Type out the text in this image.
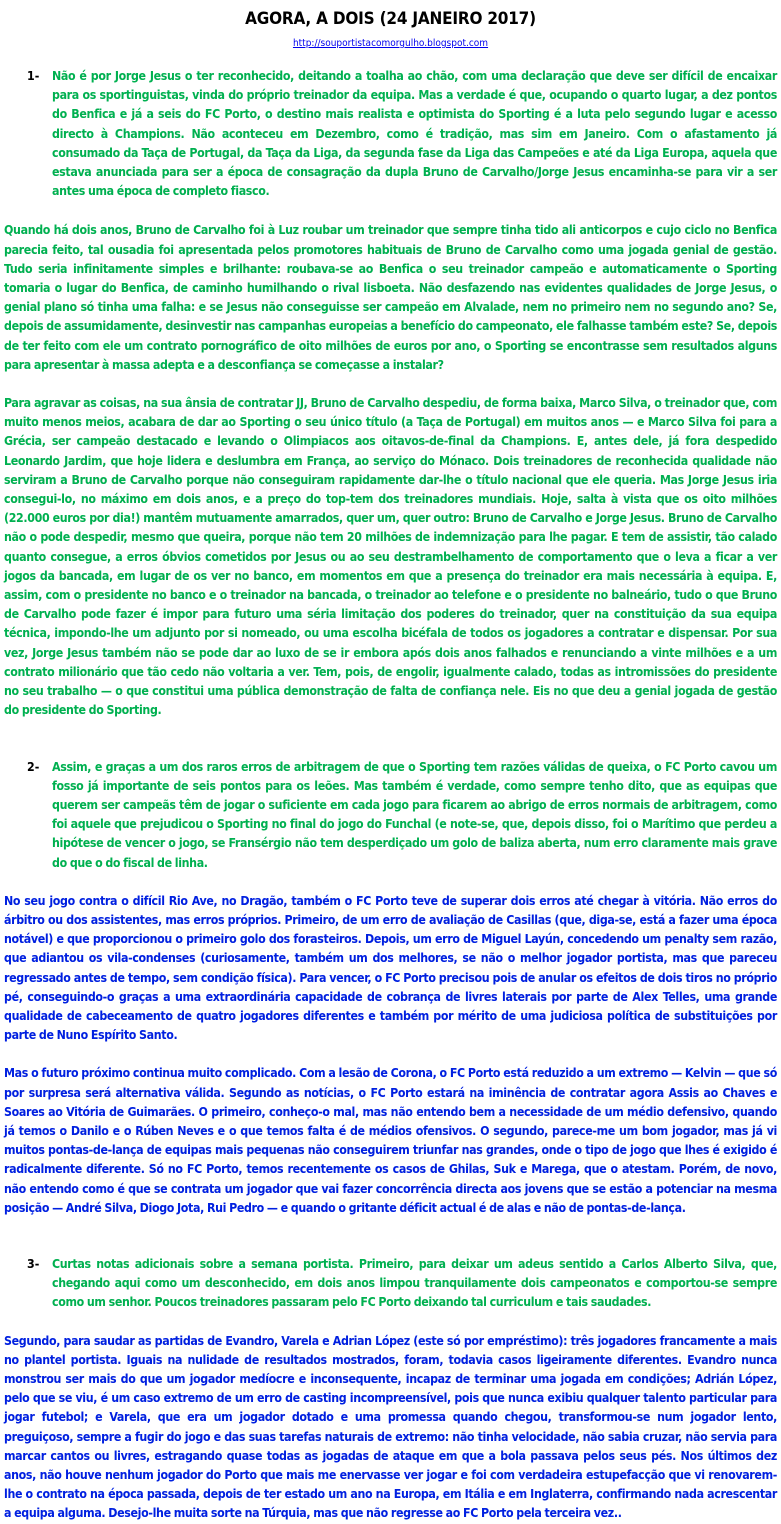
AGORA, A DOIS (24 JANEIRO 2017)
http://souportistacomorgulho.blogspot.com
1-	Não é por Jorge Jesus o ter reconhecido, deitando a toalha ao chão, com uma declaração que deve ser difícil de encaixar para os sportinguistas, vinda do próprio treinador da equipa. Mas a verdade é que, ocupando o quarto lugar, a dez pontos do Benfica e já a seis do FC Porto, o destino mais realista e optimista do Sporting é a luta pelo segundo lugar e acesso directo à Champions. Não aconteceu em Dezembro, como é tradição, mas sim em Janeiro. Com o afastamento já consumado da Taça de Portugal, da Taça da Liga, da segunda fase da Liga das Campeões e até da Liga Europa, aquela que estava anunciada para ser a época de consagração da dupla Bruno de Carvalho/Jorge Jesus encaminha-se para vir a ser antes uma época de completo fiasco.

Quando há dois anos, Bruno de Carvalho foi à Luz roubar um treinador que sempre tinha tido ali anticorpos e cujo ciclo no Benfica parecia feito, tal ousadia foi apresentada pelos promotores habituais de Bruno de Carvalho como uma jogada genial de gestão. Tudo seria infinitamente simples e brilhante: roubava-se ao Benfica o seu treinador campeão e automaticamente o Sporting tomaria o lugar do Benfica, de caminho humilhando o rival lisboeta. Não desfazendo nas evidentes qualidades de Jorge Jesus, o genial plano só tinha uma falha: e se Jesus não conseguisse ser campeão em Alvalade, nem no primeiro nem no segundo ano? Se, depois de assumidamente, desinvestir nas campanhas europeias a benefício do campeonato, ele falhasse também este? Se, depois de ter feito com ele um contrato pornográfico de oito milhões de euros por ano, o Sporting se encontrasse sem resultados alguns para apresentar à massa adepta e a desconfiança se começasse a instalar?

Para agravar as coisas, na sua ânsia de contratar JJ, Bruno de Carvalho despediu, de forma baixa, Marco Silva, o treinador que, com muito menos meios, acabara de dar ao Sporting o seu único título (a Taça de Portugal) em muitos anos — e Marco Silva foi para a Grécia, ser campeão destacado e levando o Olimpiacos aos oitavos-de-final da Champions. E, antes dele, já fora despedido Leonardo Jardim, que hoje lidera e deslumbra em França, ao serviço do Mónaco. Dois treinadores de reconhecida qualidade não serviram a Bruno de Carvalho porque não conseguiram rapidamente dar-lhe o título nacional que ele queria. Mas Jorge Jesus iria consegui-lo, no máximo em dois anos, e a preço do top-tem dos treinadores mundiais. Hoje, salta à vista que os oito milhões (22.000 euros por dia!) mantêm mutuamente amarrados, quer um, quer outro: Bruno de Carvalho e Jorge Jesus. Bruno de Carvalho não o pode despedir, mesmo que queira, porque não tem 20 milhões de indemnização para lhe pagar. E tem de assistir, tão calado quanto consegue, a erros óbvios cometidos por Jesus ou ao seu destrambelhamento de comportamento que o leva a ficar a ver jogos da bancada, em lugar de os ver no banco, em momentos em que a presença do treinador era mais necessária à equipa. E, assim, com o presidente no banco e o treinador na bancada, o treinador ao telefone e o presidente no balneário, tudo o que Bruno de Carvalho pode fazer é impor para futuro uma séria limitação dos poderes do treinador, quer na constituição da sua equipa técnica, impondo-lhe um adjunto por si nomeado, ou uma escolha bicéfala de todos os jogadores a contratar e dispensar. Por sua vez, Jorge Jesus também não se pode dar ao luxo de se ir embora após dois anos falhados e renunciando a vinte milhões e a um contrato milionário que tão cedo não voltaria a ver. Tem, pois, de engolir, igualmente calado, todas as intromissões do presidente no seu trabalho — o que constitui uma pública demonstração de falta de confiança nele. Eis no que deu a genial jogada de gestão do presidente do Sporting.

2-	Assim, e graças a um dos raros erros de arbitragem de que o Sporting tem razões válidas de queixa, o FC Porto cavou um fosso já importante de seis pontos para os leões. Mas também é verdade, como sempre tenho dito, que as equipas que querem ser campeãs têm de jogar o suficiente em cada jogo para ficarem ao abrigo de erros normais de arbitragem, como foi aquele que prejudicou o Sporting no final do jogo do Funchal (e note-se, que, depois disso, foi o Marítimo que perdeu a hipótese de vencer o jogo, se Fransérgio não tem desperdiçado um golo de baliza aberta, num erro claramente mais grave do que o do fiscal de linha.

No seu jogo contra o difícil Rio Ave, no Dragão, também o FC Porto teve de superar dois erros até chegar à vitória. Não erros do árbitro ou dos assistentes, mas erros próprios. Primeiro, de um erro de avaliação de Casillas (que, diga-se, está a fazer uma época notável) e que proporcionou o primeiro golo dos forasteiros. Depois, um erro de Miguel Layún, concedendo um penalty sem razão, que adiantou os vila-condenses (curiosamente, também um dos melhores, se não o melhor jogador portista, mas que pareceu regressado antes de tempo, sem condição física). Para vencer, o FC Porto precisou pois de anular os efeitos de dois tiros no próprio pé, conseguindo-o graças a uma extraordinária capacidade de cobrança de livres laterais por parte de Alex Telles, uma grande qualidade de cabeceamento de quatro jogadores diferentes e também por mérito de uma judiciosa política de substituições por parte de Nuno Espírito Santo.

Mas o futuro próximo continua muito complicado. Com a lesão de Corona, o FC Porto está reduzido a um extremo — Kelvin — que só por surpresa será alternativa válida. Segundo as notícias, o FC Porto estará na iminência de contratar agora Assis ao Chaves e Soares ao Vitória de Guimarães. O primeiro, conheço-o mal, mas não entendo bem a necessidade de um médio defensivo, quando já temos o Danilo e o Rúben Neves e o que temos falta é de médios ofensivos. O segundo, parece-me um bom jogador, mas já vi muitos pontas-de-lança de equipas mais pequenas não conseguirem triunfar nas grandes, onde o tipo de jogo que lhes é exigido é radicalmente diferente. Só no FC Porto, temos recentemente os casos de Ghilas, Suk e Marega, que o atestam. Porém, de novo, não entendo como é que se contrata um jogador que vai fazer concorrência directa aos jovens que se estão a potenciar na mesma posição — André Silva, Diogo Jota, Rui Pedro — e quando o gritante déficit actual é de alas e não de pontas-de-lança.

3-	Curtas notas adicionais sobre a semana portista. Primeiro, para deixar um adeus sentido a Carlos Alberto Silva, que, chegando aqui como um desconhecido, em dois anos limpou tranquilamente dois campeonatos e comportou-se sempre como um senhor. Poucos treinadores passaram pelo FC Porto deixando tal curriculum e tais saudades.

Segundo, para saudar as partidas de Evandro, Varela e Adrian López (este só por empréstimo): três jogadores francamente a mais no plantel portista. Iguais na nulidade de resultados mostrados, foram, todavia casos ligeiramente diferentes. Evandro nunca monstrou ser mais do que um jogador medíocre e inconsequente, incapaz de terminar uma jogada em condições; Adrián López, pelo que se viu, é um caso extremo de um erro de casting incompreensível, pois que nunca exibiu qualquer talento particular para jogar futebol; e Varela, que era um jogador dotado e uma promessa quando chegou, transformou-se num jogador lento, preguiçoso, sempre a fugir do jogo e das suas tarefas naturais de extremo: não tinha velocidade, não sabia cruzar, não servia para marcar cantos ou livres, estragando quase todas as jogadas de ataque em que a bola passava pelos seus pés. Nos últimos dez anos, não houve nenhum jogador do Porto que mais me enervasse ver jogar e foi com verdadeira estupefacção que vi renovarem-lhe o contrato na época passada, depois de ter estado um ano na Europa, em Itália e em Inglaterra, confirmando nada acrescentar a equipa alguma. Desejo-lhe muita sorte na Túrquia, mas que não regresse ao FC Porto pela terceira vez..
